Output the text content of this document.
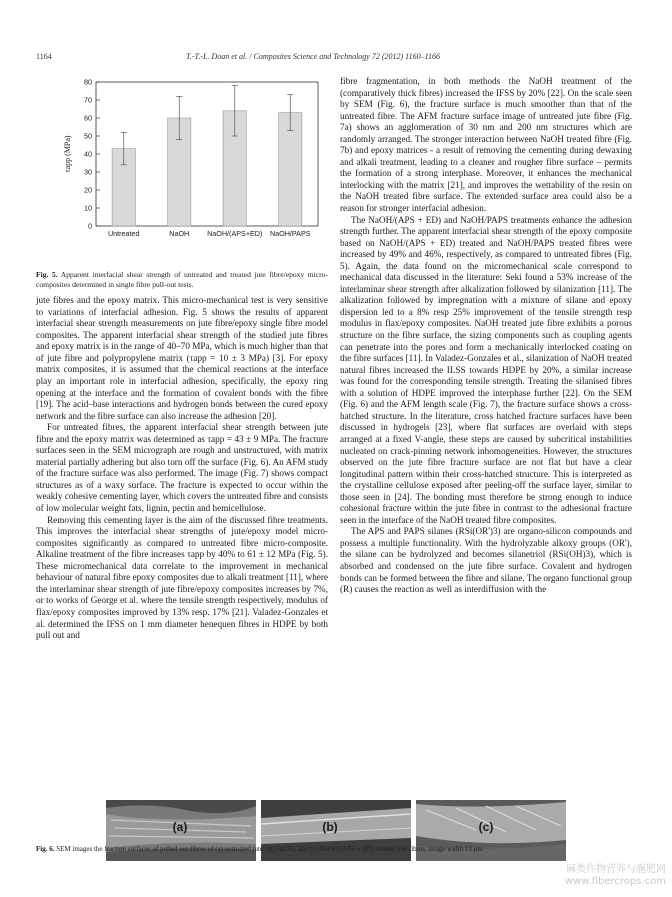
1164	T.-T.-L. Doan et al. / Composites Science and Technology 72 (2012) 1160–1166
0
10
20
30
40
50
60
70
80
τapp (MPa)
Untreated	NaOH NaOH/(APS+ED) NaOH/PAPS
Fig. 5. Apparent interfacial shear strength of untreated and treated jute fibre/epoxy micro-composites determined in single fibre pull-out tests.

jute fibres and the epoxy matrix. This micro-mechanical test is very sensitive to variations of interfacial adhesion. Fig. 5 shows the results of apparent interfacial shear strength measurements on jute fibre/epoxy single fibre model composites. The apparent interfacial shear strength of the studied jute fibres and epoxy matrix is in the range of 40–70 MPa, which is much higher than that of jute fibre and polypropylene matrix (τapp = 10 ± 3 MPa) [3]. For epoxy matrix composites, it is assumed that the chemical reactions at the interface play an important role in interfacial adhesion, specifically, the epoxy ring opening at the interface and the formation of covalent bonds with the fibre [19]. The acid–base interactions and hydrogen bonds between the cured epoxy network and the fibre surface can also increase the adhesion [20].

For untreated fibres, the apparent interfacial shear strength between jute fibre and the epoxy matrix was determined as τapp = 43 ± 9 MPa. The fracture surfaces seen in the SEM micrograph are rough and unstructured, with matrix material partially adhering but also torn off the surface (Fig. 6). An AFM study of the fracture surface was also performed. The image (Fig. 7) shows compact structures as of a waxy surface. The fracture is expected to occur within the weakly cohesive cementing layer, which covers the untreated fibre and consists of low molecular weight fats, lignin, pectin and hemicellulose.

Removing this cementing layer is the aim of the discussed fibre treatments. This improves the interfacial shear strengths of jute/epoxy model micro-composites significantly as compared to untreated fibre micro-composite. Alkaline treatment of the fibre increases τapp by 40% to 61 ± 12 MPa (Fig. 5). These micromechanical data correlate to the improvement in mechanical behaviour of natural fibre epoxy composites due to alkali treatment [11], where the interlaminar shear strength of jute fibre/epoxy composites increases by 7%, or to works of George et al. where the tensile strength respectively, modulus of flax/epoxy composites improved by 13% resp. 17% [21]. Valadez-Gonzales et al. determined the IFSS on 1 mm diameter henequen fibres in HDPE by both pull out and

fibre fragmentation, in both methods the NaOH treatment of the (comparatively thick fibres) increased the IFSS by 20% [22]. On the scale seen by SEM (Fig. 6), the fracture surface is much smoother than that of the untreated fibre. The AFM fracture surface image of untreated jute fibre (Fig. 7a) shows an agglomeration of 30 nm and 200 nm structures which are randomly arranged. The stronger interaction between NaOH treated fibre (Fig. 7b) and epoxy matrices - a result of removing the cementing during dewaxing and alkali treatment, leading to a cleaner and rougher fibre surface – permits the formation of a strong interphase. Moreover, it enhances the mechanical interlocking with the matrix [21], and improves the wettability of the resin on the NaOH treated fibre surface. The extended surface area could also be a reason for stronger interfacial adhesion.

The NaOH/(APS + ED) and NaOH/PAPS treatments enhance the adhesion strength further. The apparent interfacial shear strength of the epoxy composite based on NaOH/(APS + ED) treated and NaOH/PAPS treated fibres were increased by 49% and 46%, respectively, as compared to untreated fibres (Fig. 5). Again, the data found on the micromechanical scale correspond to mechanical data discussed in the literature: Seki found a 53% increase of the interlaminar shear strength after alkalization followed by silanization [11]. The alkalization followed by impregnation with a mixture of silane and epoxy dispersion led to a 8% resp 25% improvement of the tensile strength resp modulus in flax/epoxy composites. NaOH treated jute fibre exhibits a porous structure on the fibre surface, the sizing components such as coupling agents can penetrate into the pores and form a mechanically interlocked coating on the fibre surfaces [11]. In Valadez-Gonzales et al., silanization of NaOH treated natural fibres increased the ILSS towards HDPE by 20%, a similar increase was found for the corresponding tensile strength. Treating the silanised fibres with a solution of HDPE improved the interphase further [22]. On the SEM (Fig. 6) and the AFM length scale (Fig. 7), the fracture surface shows a cross-hatched structure. In the literature, cross hatched fracture surfaces have been discussed in hydrogels [23], where flat surfaces are overlaid with steps arranged at a fixed V-angle, these steps are caused by subcritical instabilities nucleated on crack-pinning network inhomogeneities. However, the structures observed on the jute fibre fracture surface are not flat but have a clear longitudinal pattern within their cross-hatched structure. This is interpreted as the crystalline cellulose exposed after peeling-off the surface layer, similar to those seen in [24]. The bonding must therefore be strong enough to induce cohesional fracture within the jute fibre in contrast to the adhesional fracture seen in the interface of the NaOH treated fibre composites.

The APS and PAPS silanes (RSi(OR')3) are organo-silicon compounds and possess a multiple functionality. With the hydrolyzable alkoxy groups (OR'), the silane can be hydrolyzed and becomes silanetriol (RSi(OH)3), which is absorbed and condensed on the jute fibre surface. Covalent and hydrogen bonds can be formed between the fibre and silane. The organo functional group (R) causes the reaction as well as interdiffusion with the

(a)	(b)	(c)
Fig. 6. SEM images the fracture surfaces of pulled out fibres of (a) untreated jute, (b) NaOH, and (c) NaOH/(APS + ED) treated jute fibres, image width 13 μm.
麻类作物营养与施肥网
www.fibercrops.com
